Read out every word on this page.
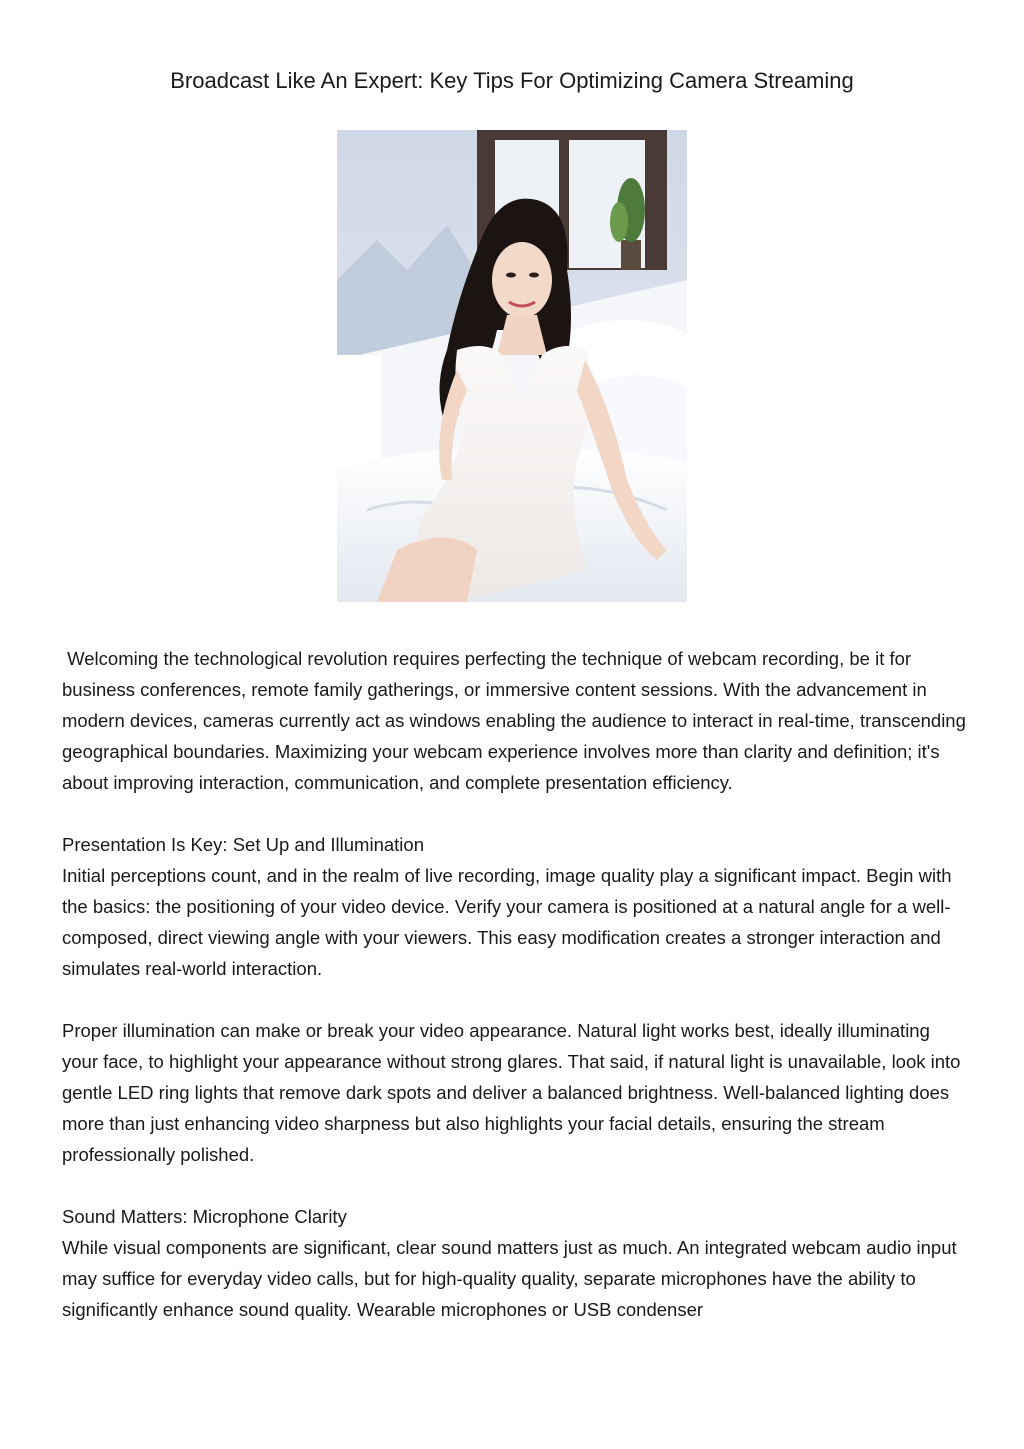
Broadcast Like An Expert: Key Tips For Optimizing Camera Streaming

Welcoming the technological revolution requires perfecting the technique of webcam recording, be it for business conferences, remote family gatherings, or immersive content sessions. With the advancement in modern devices, cameras currently act as windows enabling the audience to interact in real-time, transcending geographical boundaries. Maximizing your webcam experience involves more than clarity and definition; it's about improving interaction, communication, and complete presentation efficiency.

Presentation Is Key: Set Up and Illumination
Initial perceptions count, and in the realm of live recording, image quality play a significant impact. Begin with the basics: the positioning of your video device. Verify your camera is positioned at a natural angle for a well-composed, direct viewing angle with your viewers. This easy modification creates a stronger interaction and simulates real-world interaction.

Proper illumination can make or break your video appearance. Natural light works best, ideally illuminating your face, to highlight your appearance without strong glares. That said, if natural light is unavailable, look into gentle LED ring lights that remove dark spots and deliver a balanced brightness. Well-balanced lighting does more than just enhancing video sharpness but also highlights your facial details, ensuring the stream professionally polished.

Sound Matters: Microphone Clarity
While visual components are significant, clear sound matters just as much. An integrated webcam audio input may suffice for everyday video calls, but for high-quality quality, separate microphones have the ability to significantly enhance sound quality. Wearable microphones or USB condenser
